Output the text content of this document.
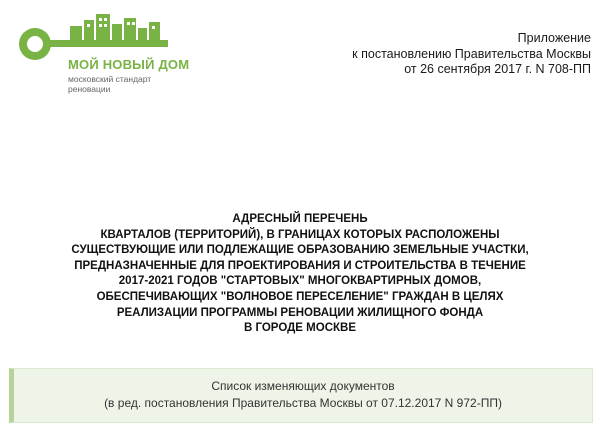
МОЙ НОВЫЙ ДОМ
московский стандарт
реновации
Приложение
к постановлению Правительства Москвы
от 26 сентября 2017 г. N 708-ПП
АДРЕСНЫЙ ПЕРЕЧЕНЬ
КВАРТАЛОВ (ТЕРРИТОРИЙ), В ГРАНИЦАХ КОТОРЫХ РАСПОЛОЖЕНЫ
СУЩЕСТВУЮЩИЕ ИЛИ ПОДЛЕЖАЩИЕ ОБРАЗОВАНИЮ ЗЕМЕЛЬНЫЕ УЧАСТКИ,
ПРЕДНАЗНАЧЕННЫЕ ДЛЯ ПРОЕКТИРОВАНИЯ И СТРОИТЕЛЬСТВА В ТЕЧЕНИЕ
2017-2021 ГОДОВ "СТАРТОВЫХ" МНОГОКВАРТИРНЫХ ДОМОВ,
ОБЕСПЕЧИВАЮЩИХ "ВОЛНОВОЕ ПЕРЕСЕЛЕНИЕ" ГРАЖДАН В ЦЕЛЯХ
РЕАЛИЗАЦИИ ПРОГРАММЫ РЕНОВАЦИИ ЖИЛИЩНОГО ФОНДА
В ГОРОДЕ МОСКВЕ
Список изменяющих документов
(в ред. постановления Правительства Москвы от 07.12.2017 N 972-ПП)
